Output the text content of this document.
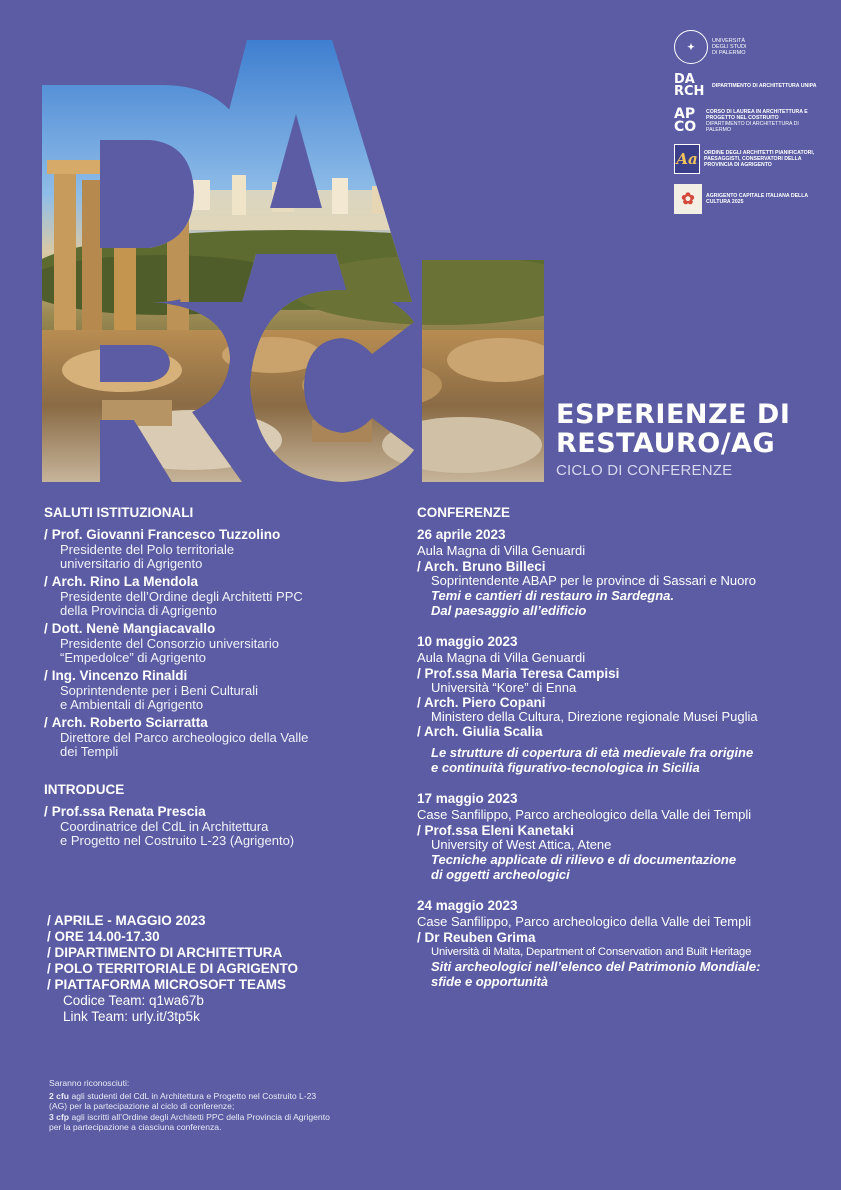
✦
UNIVERSITÀ
DEGLI STUDI
DI PALERMO
DA RCH	DIPARTIMENTO DI ARCHITETTURA UNIPA
AP CO
CORSO DI LAUREA IN ARCHITETTURA E PROGETTO NEL COSTRUITO
DIPARTIMENTO DI ARCHITETTURA DI PALERMO
Aa	ORDINE DEGLI ARCHITETTI PIANIFICATORI, PAESAGGISTI, CONSERVATORI DELLA PROVINCIA DI AGRIGENTO
✿	AGRIGENTO CAPITALE ITALIANA DELLA CULTURA 2025
ESPERIENZE DI
RESTAURO/AG
CICLO DI CONFERENZE
SALUTI ISTITUZIONALI
/ Prof. Giovanni Francesco Tuzzolino
Presidente del Polo territoriale
universitario di Agrigento
/ Arch. Rino La Mendola
Presidente dell’Ordine degli Architetti PPC
della Provincia di Agrigento
/ Dott. Nenè Mangiacavallo
Presidente del Consorzio universitario
“Empedolce” di Agrigento
/ Ing. Vincenzo Rinaldi
Soprintendente per i Beni Culturali
e Ambientali di Agrigento
/ Arch. Roberto Sciarratta
Direttore del Parco archeologico della Valle
dei Templi
INTRODUCE
/ Prof.ssa Renata Prescia
Coordinatrice del CdL in Architettura
e Progetto nel Costruito L-23 (Agrigento)
/ APRILE - MAGGIO 2023
/ ORE 14.00-17.30
/ DIPARTIMENTO DI ARCHITETTURA
/ POLO TERRITORIALE DI AGRIGENTO
/ PIATTAFORMA MICROSOFT TEAMS
Codice Team: q1wa67b
Link Team: urly.it/3tp5k
Saranno riconosciuti:
2 cfu agli studenti del CdL in Architettura e Progetto nel Costruito L-23 (AG) per la partecipazione al ciclo di conferenze;
3 cfp agli iscritti all’Ordine degli Architetti PPC della Provincia di Agrigento per la partecipazione a ciasciuna conferenza.
CONFERENZE
26 aprile 2023
Aula Magna di Villa Genuardi
/ Arch. Bruno Billeci
Soprintendente ABAP per le province di Sassari e Nuoro
Temi e cantieri di restauro in Sardegna.
Dal paesaggio all’edificio
10 maggio 2023
Aula Magna di Villa Genuardi
/ Prof.ssa Maria Teresa Campisi
Università “Kore” di Enna
/ Arch. Piero Copani
Ministero della Cultura, Direzione regionale Musei Puglia
/ Arch. Giulia Scalia
Le strutture di copertura di età medievale fra origine
e continuità figurativo-tecnologica in Sicilia
17 maggio 2023
Case Sanfilippo, Parco archeologico della Valle dei Templi
/ Prof.ssa Eleni Kanetaki
University of West Attica, Atene
Tecniche applicate di rilievo e di documentazione
di oggetti archeologici
24 maggio 2023
Case Sanfilippo, Parco archeologico della Valle dei Templi
/ Dr Reuben Grima
Università di Malta, Department of Conservation and Built Heritage
Siti archeologici nell’elenco del Patrimonio Mondiale:
sfide e opportunità
